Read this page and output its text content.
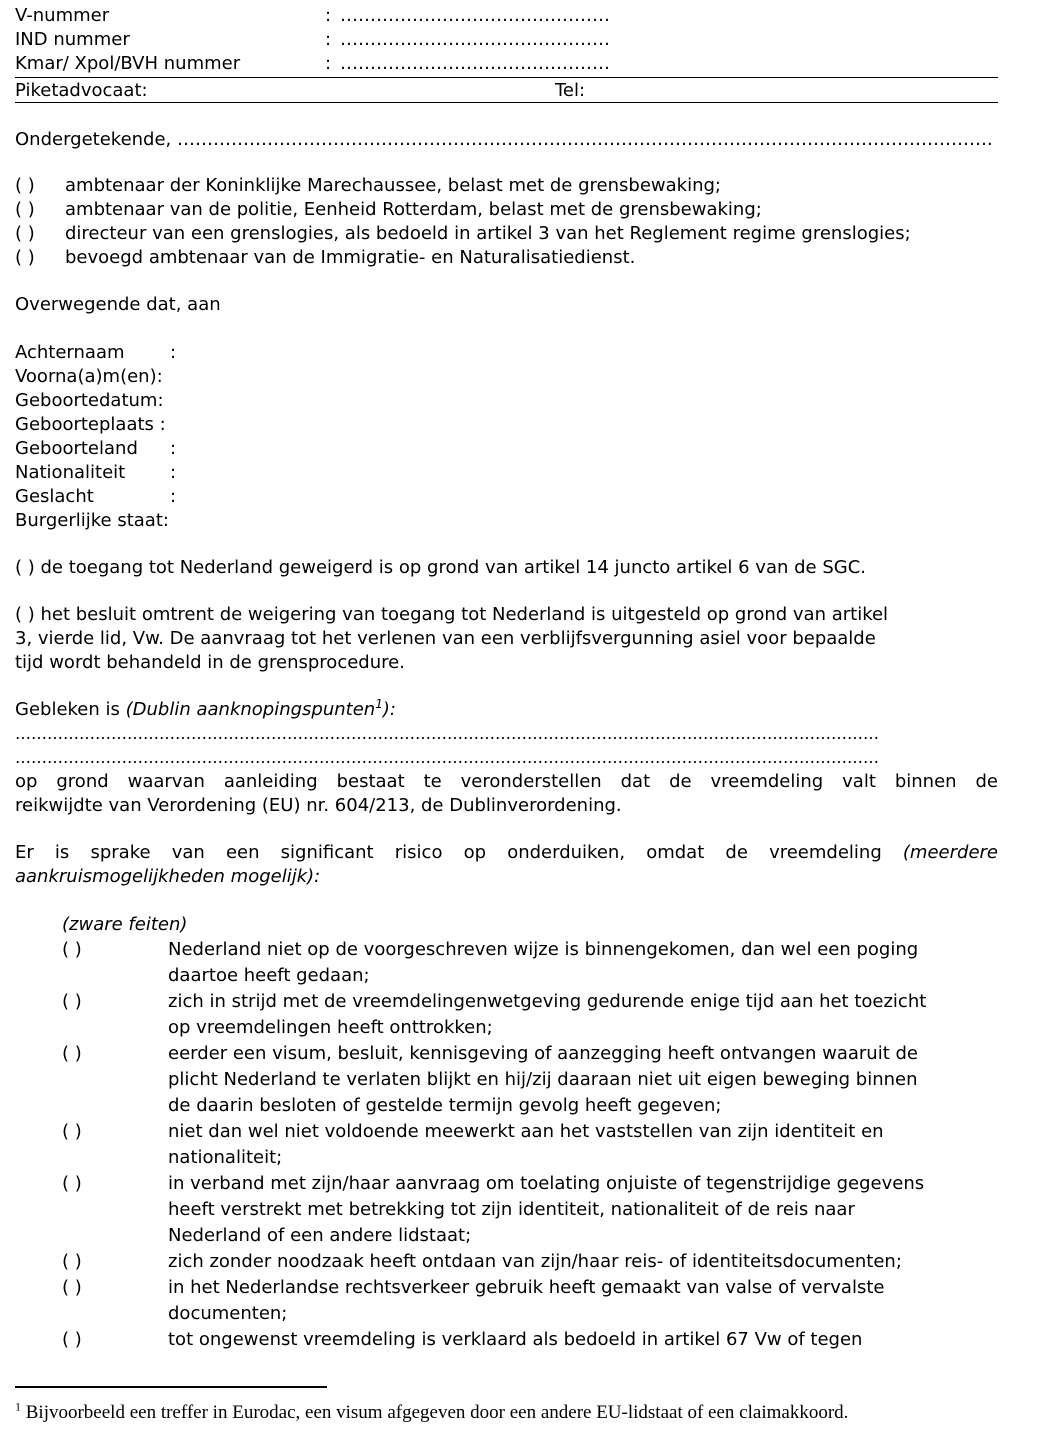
V-nummer	: ………………………………………
IND nummer	: ………………………………………
Kmar/ Xpol/BVH nummer	: ………………………………………
Piketadvocaat:	Tel:
Ondergetekende, ……………………………………………………………………………………………………………………….
( ) ambtenaar der Koninklijke Marechaussee, belast met de grensbewaking;
( ) ambtenaar van de politie, Eenheid Rotterdam, belast met de grensbewaking;
( ) directeur van een grenslogies, als bedoeld in artikel 3 van het Reglement regime grenslogies;
( ) bevoegd ambtenaar van de Immigratie- en Naturalisatiedienst.
Overwegende dat, aan
Achternaam	:
Voorna(a)m(en):
Geboortedatum:
Geboorteplaats :
Geboorteland :
Nationaliteit :
Geslacht	:
Burgerlijke staat:
( ) de toegang tot Nederland geweigerd is op grond van artikel 14 juncto artikel 6 van de SGC.
( ) het besluit omtrent de weigering van toegang tot Nederland is uitgesteld op grond van artikel
3, vierde lid, Vw. De aanvraag tot het verlenen van een verblijfsvergunning asiel voor bepaalde
tijd wordt behandeld in de grensprocedure.
Gebleken is (Dublin aanknopingspunten$^1$):
………………………………………………………………………………………………………………………………………………
………………………………………………………………………………………………………………………………………………
op grond waarvan aanleiding bestaat te veronderstellen dat de vreemdeling valt binnen de
reikwijdte van Verordening (EU) nr. 604/213, de Dublinverordening.
Er is sprake van een significant risico op onderduiken, omdat de vreemdeling (meerdere
aankruismogelijkheden mogelijk):
(zware feiten)
( )	Nederland niet op de voorgeschreven wijze is binnengekomen, dan wel een poging
daartoe heeft gedaan;
( )	zich in strijd met de vreemdelingenwetgeving gedurende enige tijd aan het toezicht
op vreemdelingen heeft onttrokken;
( )	eerder een visum, besluit, kennisgeving of aanzegging heeft ontvangen waaruit de
plicht Nederland te verlaten blijkt en hij/zij daaraan niet uit eigen beweging binnen
de daarin besloten of gestelde termijn gevolg heeft gegeven;
( )	niet dan wel niet voldoende meewerkt aan het vaststellen van zijn identiteit en
nationaliteit;
( )	in verband met zijn/haar aanvraag om toelating onjuiste of tegenstrijdige gegevens
heeft verstrekt met betrekking tot zijn identiteit, nationaliteit of de reis naar
Nederland of een andere lidstaat;
( )	zich zonder noodzaak heeft ontdaan van zijn/haar reis- of identiteitsdocumenten;
( )	in het Nederlandse rechtsverkeer gebruik heeft gemaakt van valse of vervalste
documenten;
( )	tot ongewenst vreemdeling is verklaard als bedoeld in artikel 67 Vw of tegen
$^1$ Bijvoorbeeld een treffer in Eurodac, een visum afgegeven door een andere EU-lidstaat of een claimakkoord.
